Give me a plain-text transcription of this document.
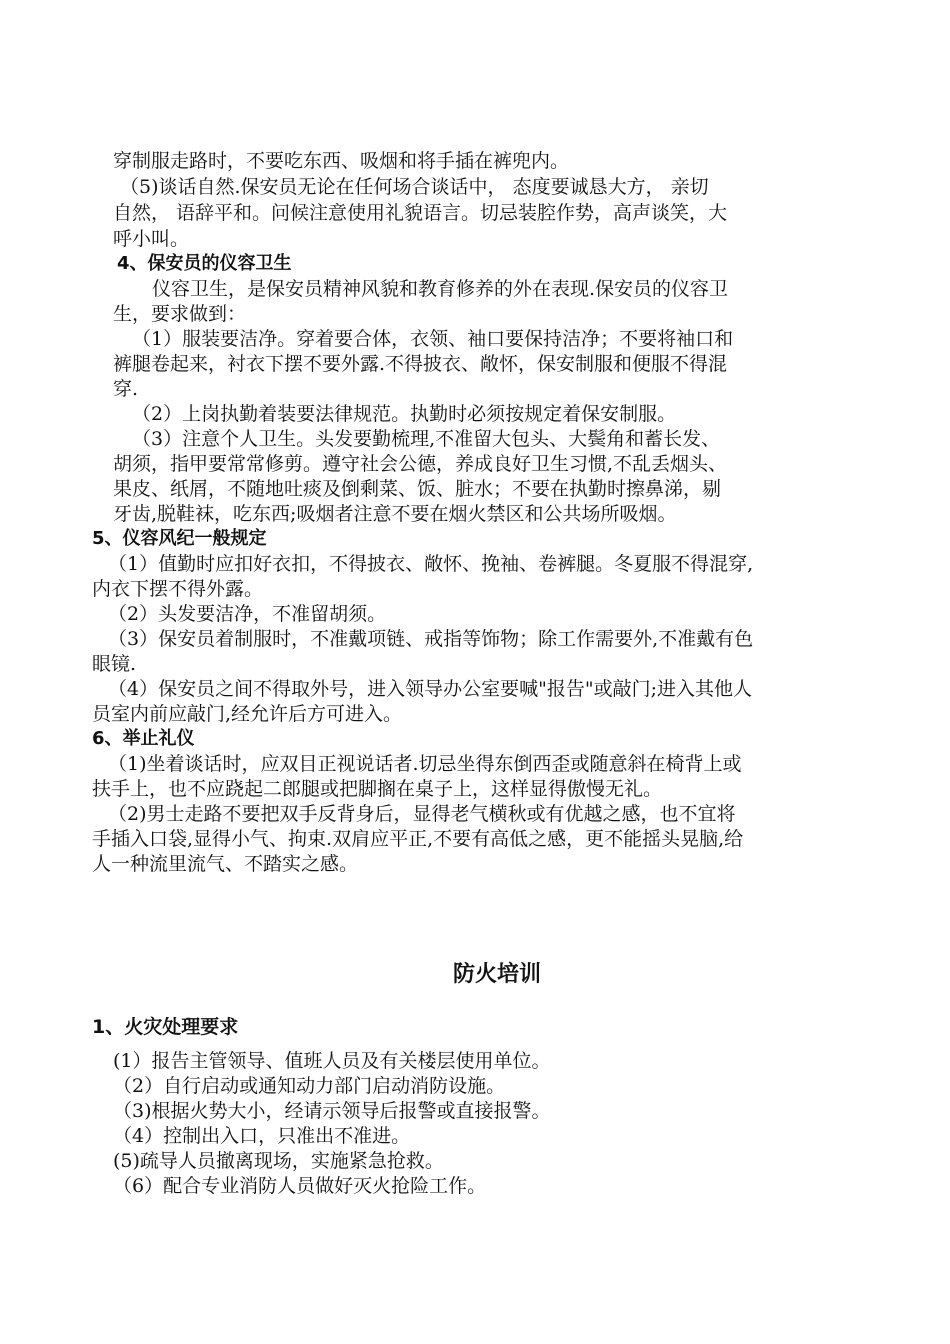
穿制服走路时，不要吃东西、吸烟和将手插在裤兜内。
（5)谈话自然.保安员无论在任何场合谈话中， 态度要诚恳大方， 亲切
自然， 语辞平和。问候注意使用礼貌语言。切忌装腔作势，高声谈笑，大
呼小叫。
4、保安员的仪容卫生
仪容卫生，是保安员精神风貌和教育修养的外在表现.保安员的仪容卫
生，要求做到：
（1）服装要洁净。穿着要合体，衣领、袖口要保持洁净；不要将袖口和
裤腿卷起来，衬衣下摆不要外露.不得披衣、敞怀，保安制服和便服不得混
穿.
（2）上岗执勤着装要法律规范。执勤时必须按规定着保安制服。
（3）注意个人卫生。头发要勤梳理,不准留大包头、大鬓角和蓄长发、
胡须，指甲要常常修剪。遵守社会公德，养成良好卫生习惯,不乱丢烟头、
果皮、纸屑，不随地吐痰及倒剩菜、饭、脏水；不要在执勤时擦鼻涕，剔
牙齿,脱鞋袜，吃东西;吸烟者注意不要在烟火禁区和公共场所吸烟。
5、仪容风纪一般规定
（1）值勤时应扣好衣扣，不得披衣、敞怀、挽袖、卷裤腿。冬夏服不得混穿,
内衣下摆不得外露。
（2）头发要洁净，不准留胡须。
（3）保安员着制服时，不准戴项链、戒指等饰物；除工作需要外,不准戴有色
眼镜.
（4）保安员之间不得取外号，进入领导办公室要喊"报告"或敲门;进入其他人
员室内前应敲门,经允许后方可进入。
6、举止礼仪
（1)坐着谈话时，应双目正视说话者.切忌坐得东倒西歪或随意斜在椅背上或
扶手上，也不应跷起二郎腿或把脚搁在桌子上，这样显得傲慢无礼。
（2)男士走路不要把双手反背身后，显得老气横秋或有优越之感，也不宜将
手插入口袋,显得小气、拘束.双肩应平正,不要有高低之感，更不能摇头晃脑,给
人一种流里流气、不踏实之感。
防火培训
1、火灾处理要求
(1）报告主管领导、值班人员及有关楼层使用单位。
（2）自行启动或通知动力部门启动消防设施。
（3)根据火势大小，经请示领导后报警或直接报警。
（4）控制出入口，只准出不准进。
(5)疏导人员撤离现场，实施紧急抢救。
（6）配合专业消防人员做好灭火抢险工作。
